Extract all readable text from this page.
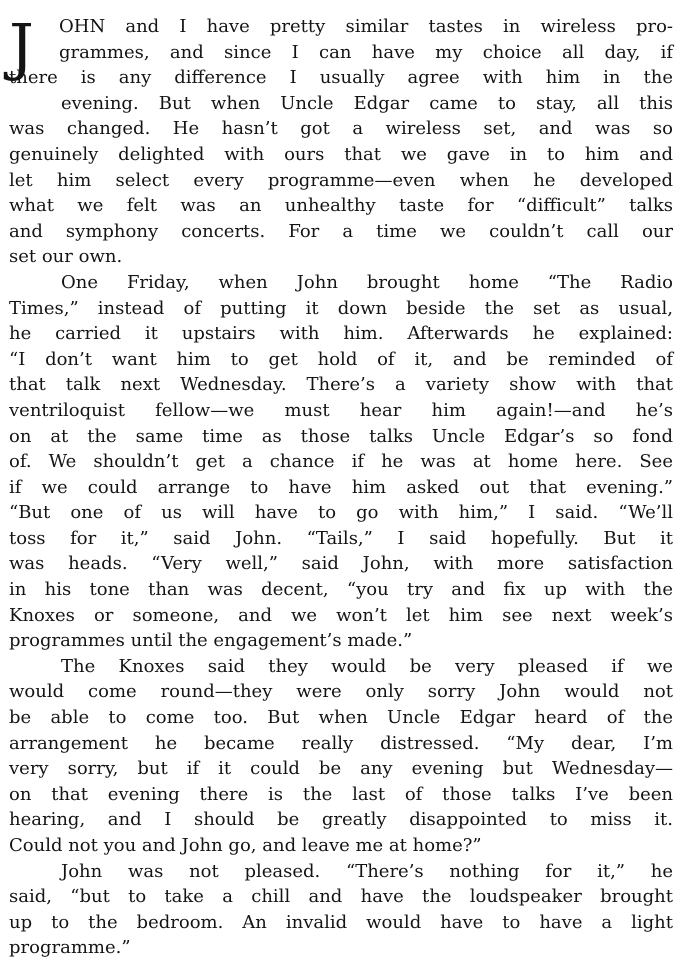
J	OHN and I have pretty similar tastes in wireless pro-
grammes, and since I can have my choice all day, if
there is any difference I usually agree with him in the
evening. But when Uncle Edgar came to stay, all this
was changed. He hasn’t got a wireless set, and was so
genuinely delighted with ours that we gave in to him and
let him select every programme—even when he developed
what we felt was an unhealthy taste for “difficult” talks
and symphony concerts. For a time we couldn’t call our
set our own.
One Friday, when John brought home “The Radio
Times,” instead of putting it down beside the set as usual,
he carried it upstairs with him. Afterwards he explained:
“I don’t want him to get hold of it, and be reminded of
that talk next Wednesday. There’s a variety show with that
ventriloquist fellow—we must hear him again!—and he’s
on at the same time as those talks Uncle Edgar’s so fond
of. We shouldn’t get a chance if he was at home here. See
if we could arrange to have him asked out that evening.”
“But one of us will have to go with him,” I said. “We’ll
toss for it,” said John. “Tails,” I said hopefully. But it
was heads. “Very well,” said John, with more satisfaction
in his tone than was decent, “you try and fix up with the
Knoxes or someone, and we won’t let him see next week’s
programmes until the engagement’s made.”
The Knoxes said they would be very pleased if we
would come round—they were only sorry John would not
be able to come too. But when Uncle Edgar heard of the
arrangement he became really distressed. “My dear, I’m
very sorry, but if it could be any evening but Wednesday—
on that evening there is the last of those talks I’ve been
hearing, and I should be greatly disappointed to miss it.
Could not you and John go, and leave me at home?”
John was not pleased. “There’s nothing for it,” he
said, “but to take a chill and have the loudspeaker brought
up to the bedroom. An invalid would have to have a light
programme.”
